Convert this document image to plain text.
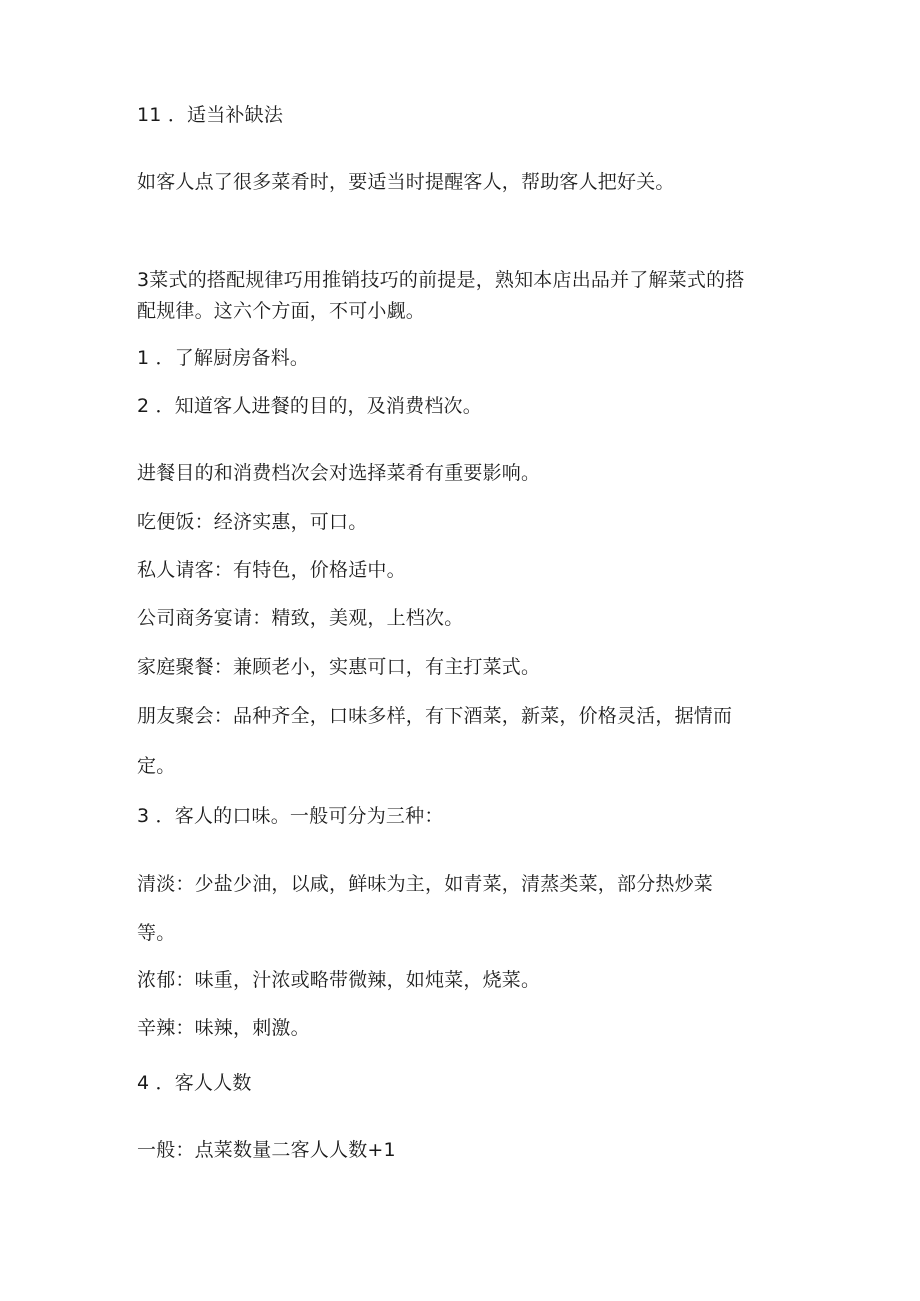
11 ．适当补缺法
如客人点了很多菜肴时，要适当时提醒客人，帮助客人把好关。
3菜式的搭配规律巧用推销技巧的前提是，熟知本店出品并了解菜式的搭
配规律。这六个方面，不可小觑。
1 ．了解厨房备料。
2 ．知道客人进餐的目的，及消费档次。
进餐目的和消费档次会对选择菜肴有重要影响。
吃便饭：经济实惠，可口。
私人请客：有特色，价格适中。
公司商务宴请：精致，美观，上档次。
家庭聚餐：兼顾老小，实惠可口，有主打菜式。
朋友聚会：品种齐全，口味多样，有下酒菜，新菜，价格灵活，据情而
定。
3 ．客人的口味。一般可分为三种：
清淡：少盐少油，以咸，鲜味为主，如青菜，清蒸类菜，部分热炒菜
等。
浓郁：味重，汁浓或略带微辣，如炖菜，烧菜。
辛辣：味辣，刺激。
4 ．客人人数
一般：点菜数量二客人人数+1
